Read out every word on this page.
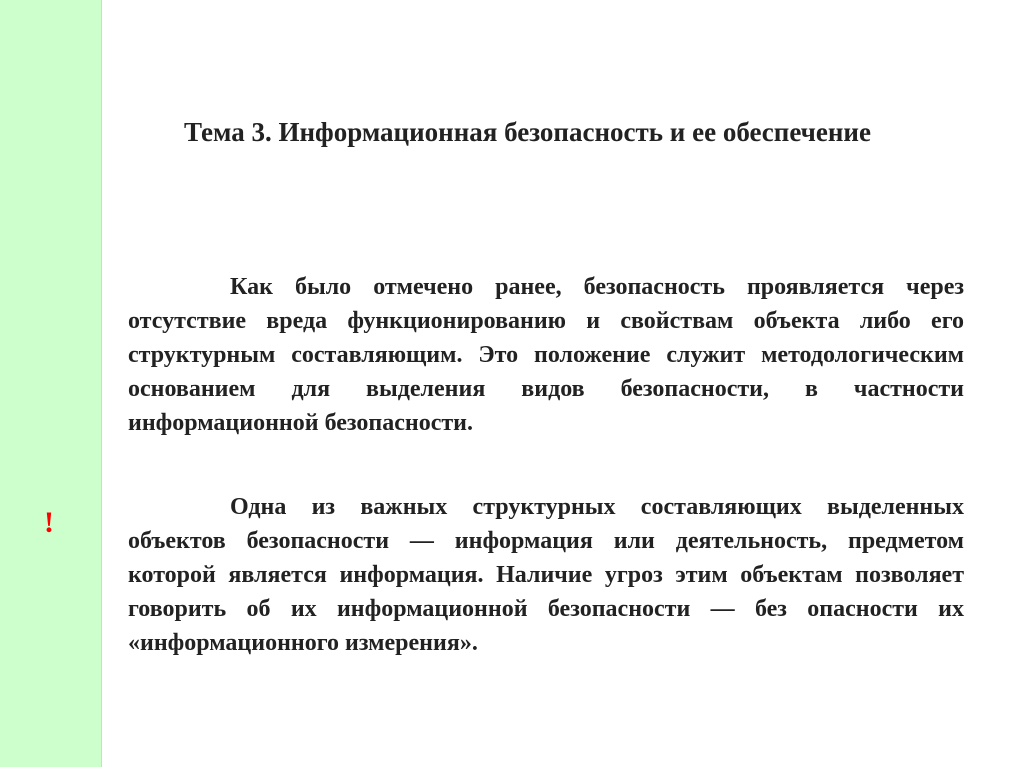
!
Тема 3. Информационная безопасность и ее обеспечение

Как было отмечено ранее, безопасность проявляется через отсутствие вреда функционированию и свойствам объекта либо его структурным составляющим. Это положение служит методологическим основанием для выделения видов безопасности, в частности информационной безопасности.

Одна из важных структурных составляющих выделенных объектов безопасности — информация или деятельность, предметом которой является информация. Наличие угроз этим объектам позволяет говорить об их информационной безопасности — без опасности их «информационного измерения».
